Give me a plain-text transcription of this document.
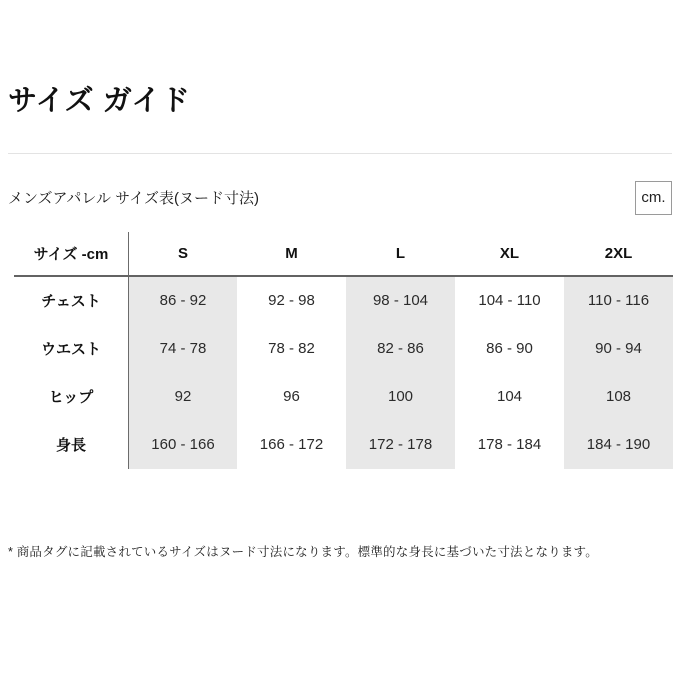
サイズ ガイド
メンズアパレル サイズ表(ヌード寸法)	cm.
サイズ -cm	S	M	L	XL	2XL
チェスト	86 - 92	92 - 98	98 - 104	104 - 110	110 - 116
ウエスト	74 - 78	78 - 82	82 - 86	86 - 90	90 - 94
ヒップ	92	96	100	104	108
身長	160 - 166	166 - 172	172 - 178	178 - 184	184 - 190

* 商品タグに記載されているサイズはヌード寸法になります。標準的な身長に基づいた寸法となります。
